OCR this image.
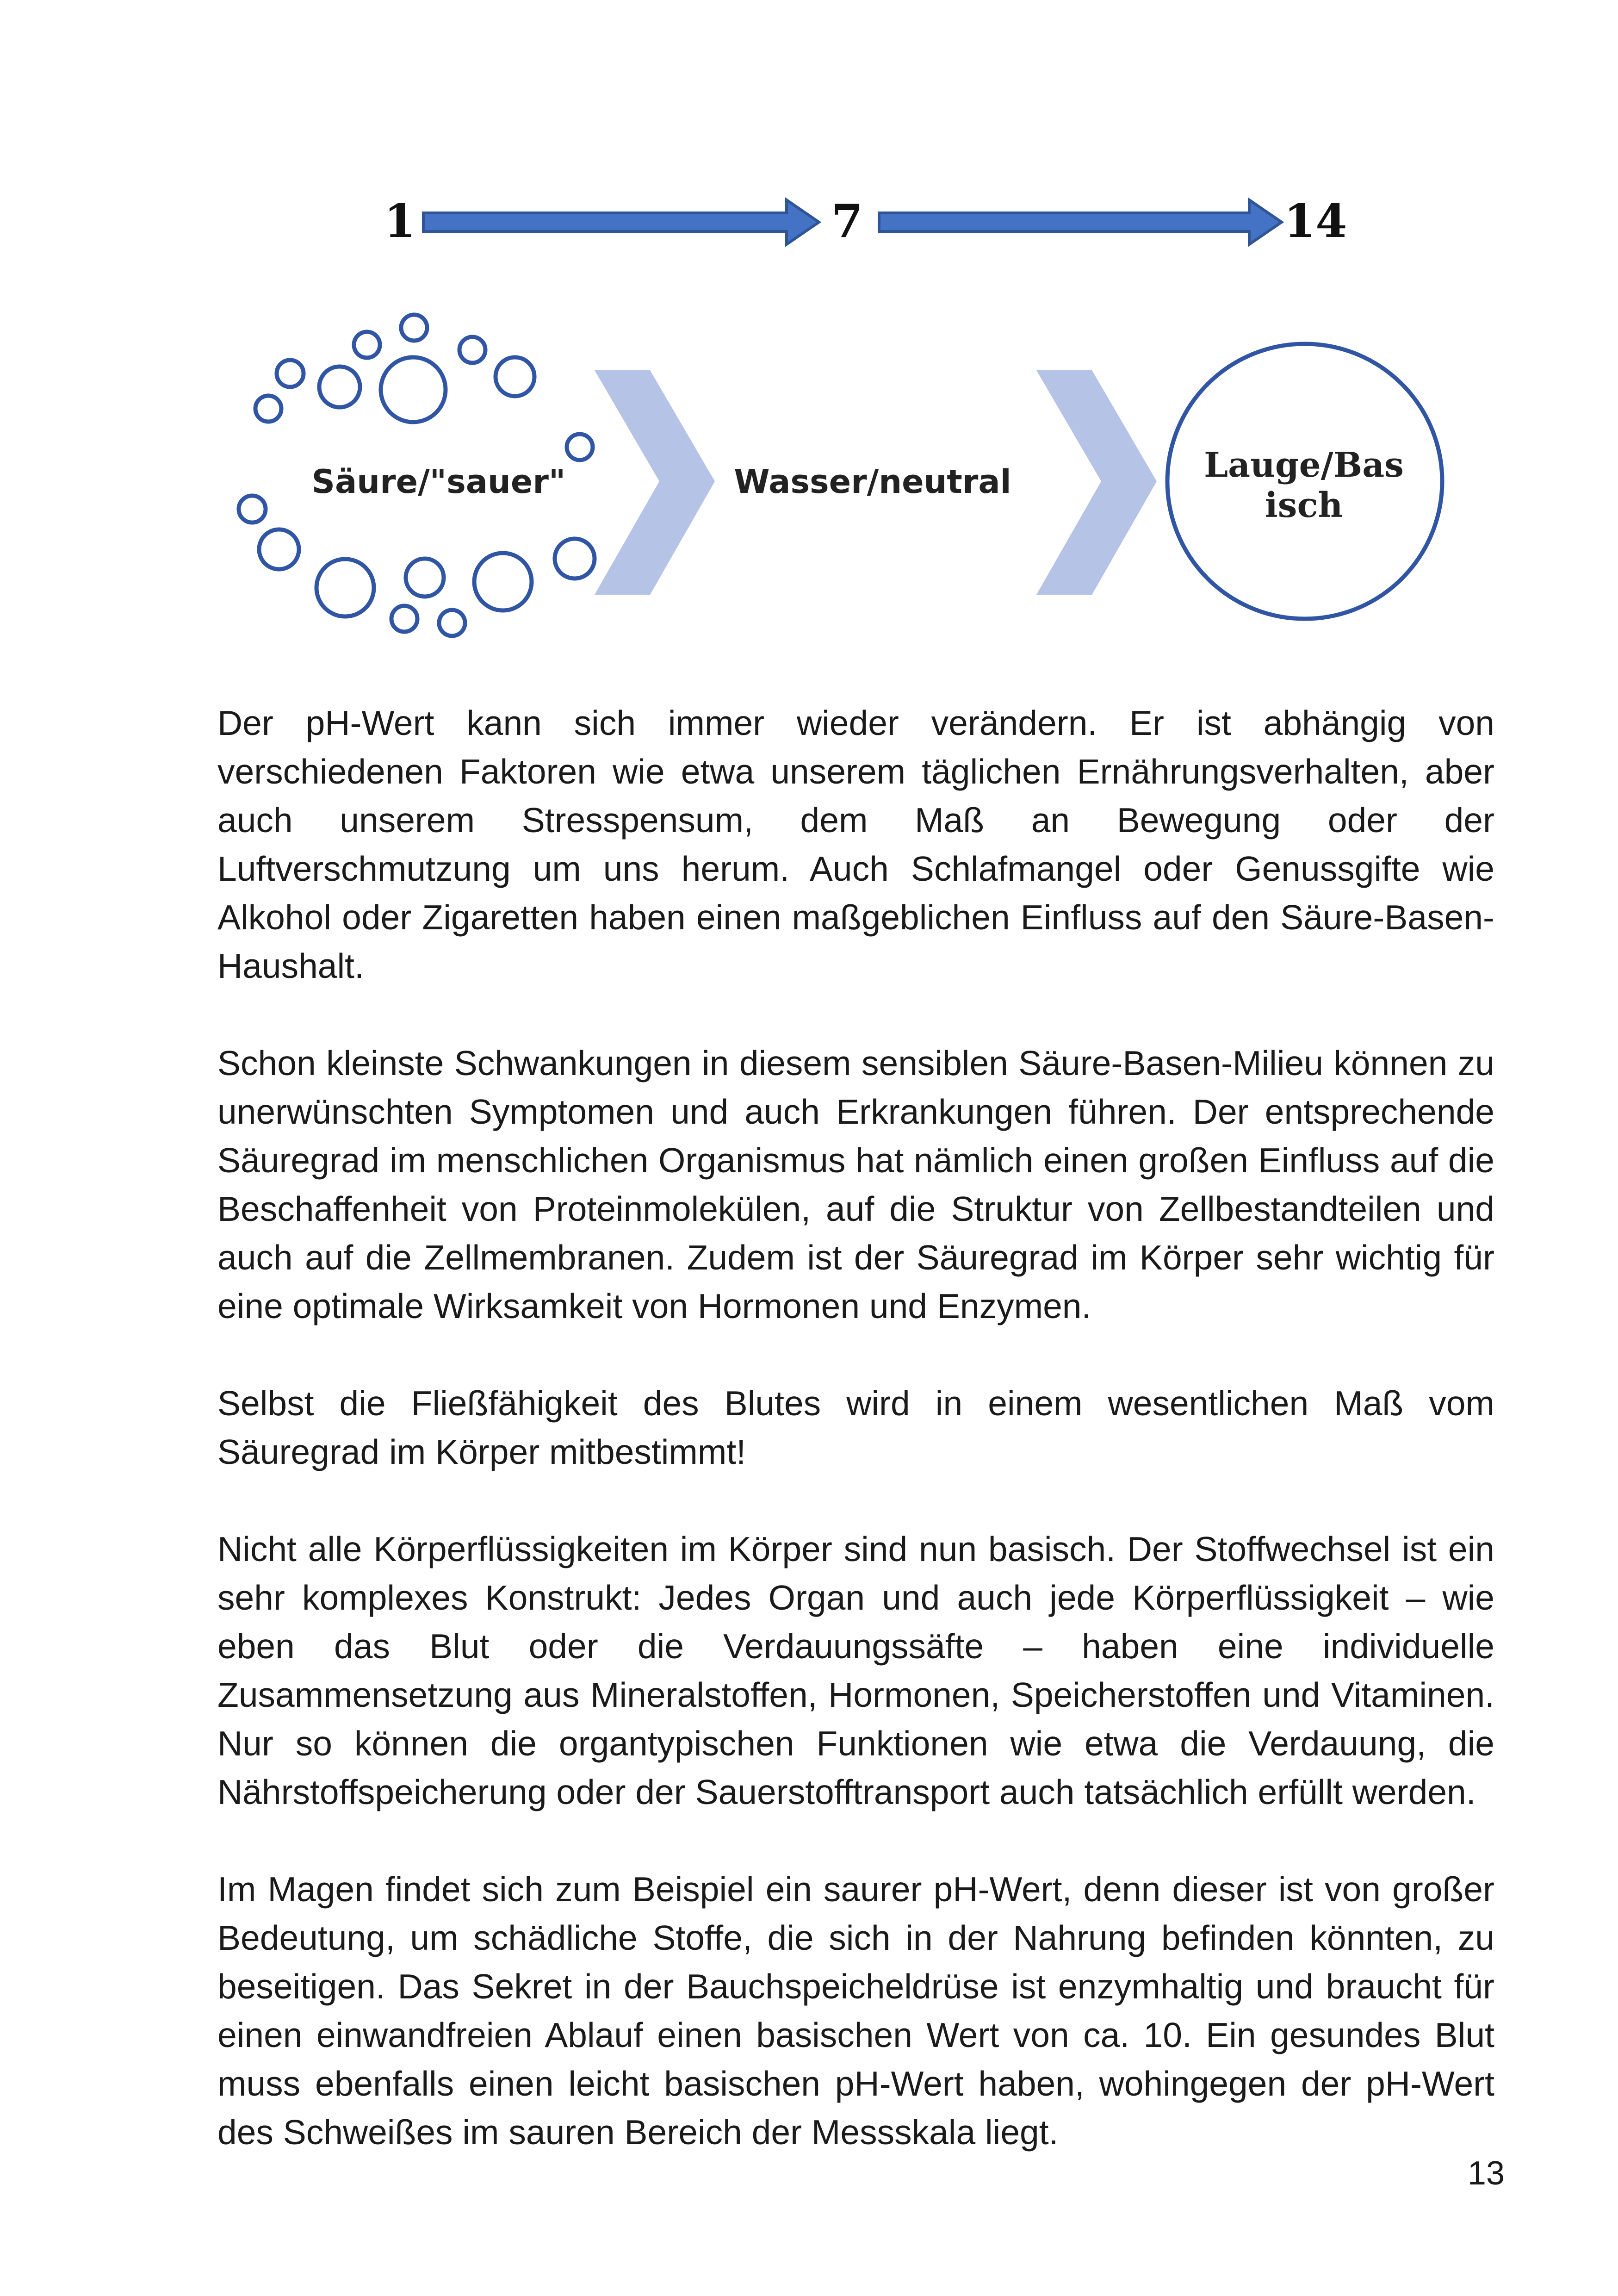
1	7	14
Säure/"sauer"	Wasser/neutral	Lauge/Bas
isch

Der pH-Wert kann sich immer wieder verändern. Er ist abhängig von verschiedenen Faktoren wie etwa unserem täglichen Ernährungsverhalten, aber auch unserem Stresspensum, dem Maß an Bewegung oder der Luftverschmutzung um uns herum. Auch Schlafmangel oder Genussgifte wie Alkohol oder Zigaretten haben einen maßgeblichen Einfluss auf den Säure-Basen-Haushalt.

Schon kleinste Schwankungen in diesem sensiblen Säure-Basen-Milieu können zu unerwünschten Symptomen und auch Erkrankungen führen. Der entsprechende Säuregrad im menschlichen Organismus hat nämlich einen großen Einfluss auf die Beschaffenheit von Proteinmolekülen, auf die Struktur von Zellbestandteilen und auch auf die Zellmembranen. Zudem ist der Säuregrad im Körper sehr wichtig für eine optimale Wirksamkeit von Hormonen und Enzymen.

Selbst die Fließfähigkeit des Blutes wird in einem wesentlichen Maß vom Säuregrad im Körper mitbestimmt!

Nicht alle Körperflüssigkeiten im Körper sind nun basisch. Der Stoffwechsel ist ein sehr komplexes Konstrukt: Jedes Organ und auch jede Körperflüssigkeit – wie eben das Blut oder die Verdauungssäfte – haben eine individuelle Zusammensetzung aus Mineralstoffen, Hormonen, Speicherstoffen und Vitaminen. Nur so können die organtypischen Funktionen wie etwa die Verdauung, die Nährstoffspeicherung oder der Sauerstofftransport auch tatsächlich erfüllt werden.

Im Magen findet sich zum Beispiel ein saurer pH-Wert, denn dieser ist von großer Bedeutung, um schädliche Stoffe, die sich in der Nahrung befinden könnten, zu beseitigen. Das Sekret in der Bauchspeicheldrüse ist enzymhaltig und braucht für einen einwandfreien Ablauf einen basischen Wert von ca. 10. Ein gesundes Blut muss ebenfalls einen leicht basischen pH-Wert haben, wohingegen der pH-Wert des Schweißes im sauren Bereich der Messskala liegt.

13
